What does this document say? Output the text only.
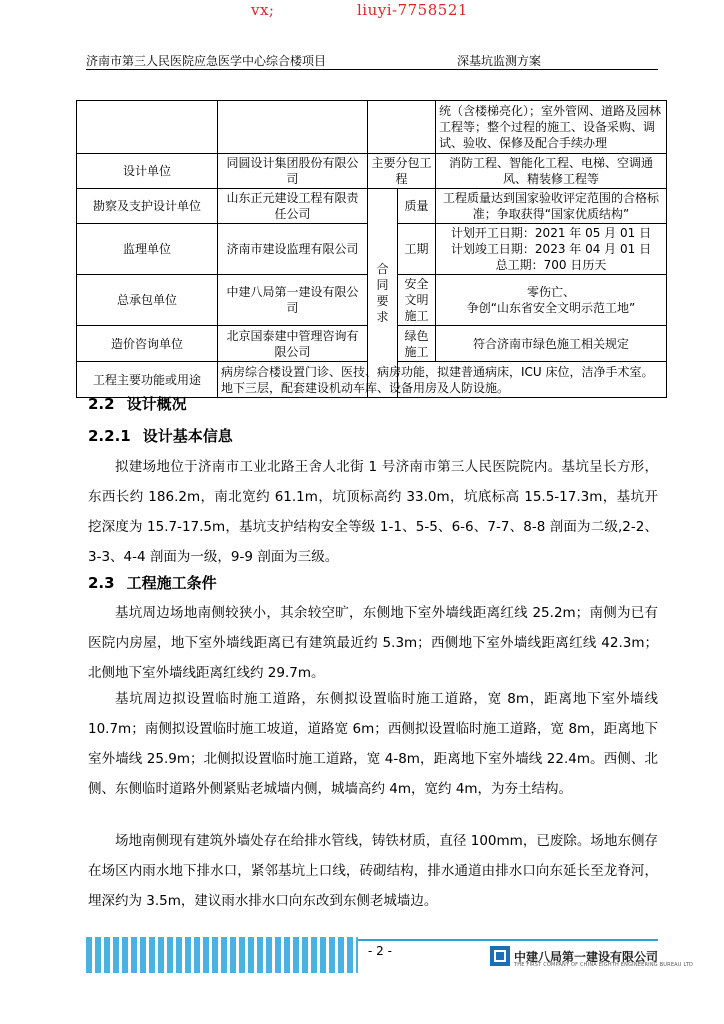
vx;	liuyi-7758521
济南市第三人民医院应急医学中心综合楼项目	深基坑监测方案
				统（含楼梯亮化）；室外管网、道路及园林工程等；整个过程的施工、设备采购、调试、验收、保修及配合手续办理
设计单位	同圆设计集团股份有限公司	主要分包工程		消防工程、智能化工程、电梯、空调通风、精装修工程等
勘察及支护设计单位	山东正元建设工程有限责任公司	合同要求	质量	工程质量达到国家验收评定范围的合格标准；争取获得“国家优质结构”
监理单位	济南市建设监理有限公司		工期	计划开工日期：2021 年 05 月 01 日
计划竣工日期：2023 年 04 月 01 日
总工期：700 日历天

总承包单位	中建八局第一建设有限公司		安全文明施工	零伤亡、
争创“山东省安全文明示范工地”

造价咨询单位	北京国泰建中管理咨询有限公司		绿色施工	符合济南市绿色施工相关规定
工程主要功能或用途	病房综合楼设置门诊、医技、病房功能，拟建普通病床，ICU 床位，洁净手术室。地下三层，配套建设机动车库、设备用房及人防设施。			
2.2 设计概况
2.2.1 设计基本信息
拟建场地位于济南市工业北路王舍人北街 1 号济南市第三人民医院院内。基坑呈长方形，东西长约 186.2m，南北宽约 61.1m，坑顶标高约 33.0m，坑底标高 15.5-17.3m，基坑开挖深度为 15.7-17.5m，基坑支护结构安全等级 1-1、5-5、6-6、7-7、8-8 剖面为二级,2-2、3-3、4-4 剖面为一级，9-9 剖面为三级。
2.3 工程施工条件
基坑周边场地南侧较狭小，其余较空旷，东侧地下室外墙线距离红线 25.2m；南侧为已有医院内房屋，地下室外墙线距离已有建筑最近约 5.3m；西侧地下室外墙线距离红线 42.3m；北侧地下室外墙线距离红线约 29.7m。
基坑周边拟设置临时施工道路，东侧拟设置临时施工道路，宽 8m，距离地下室外墙线 10.7m；南侧拟设置临时施工坡道，道路宽 6m；西侧拟设置临时施工道路，宽 8m，距离地下室外墙线 25.9m；北侧拟设置临时施工道路，宽 4-8m，距离地下室外墙线 22.4m。西侧、北侧、东侧临时道路外侧紧贴老城墙内侧，城墙高约 4m，宽约 4m，为夯土结构。
场地南侧现有建筑外墙处存在给排水管线，铸铁材质，直径 100mm，已废除。场地东侧存在场区内雨水地下排水口，紧邻基坑上口线，砖砌结构，排水通道由排水口向东延长至龙脊河，埋深约为 3.5m，建议雨水排水口向东改到东侧老城墙边。
- 2 -	中建八局第一建设有限公司
THE FIRST COMPANY OF CHINA EIGHTH ENGINEERING BUREAU LTD
